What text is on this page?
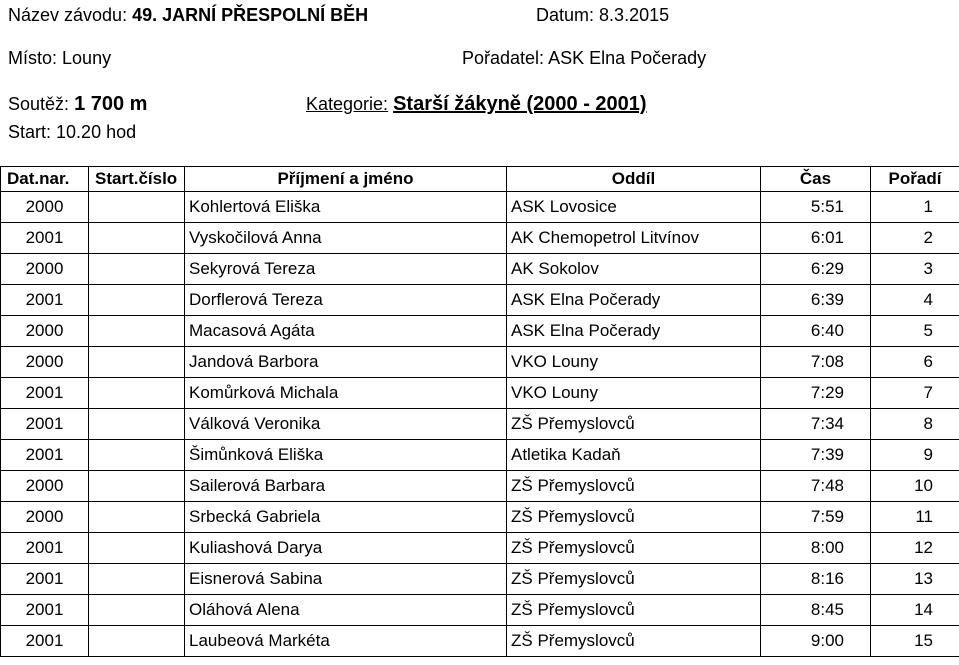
Název závodu: 49. JARNÍ PŘESPOLNÍ BĚH	Datum: 8.3.2015
Místo: Louny	Pořadatel: ASK Elna Počerady
Soutěž: 1 700 m	Kategorie: Starší žákyně (2000 - 2001)
Start: 10.20 hod
Dat.nar.	Start.číslo	Příjmení a jméno	Oddíl	Čas	Pořadí
2000		Kohlertová Eliška	ASK Lovosice	5:51	1
2001		Vyskočilová Anna	AK Chemopetrol Litvínov	6:01	2
2000		Sekyrová Tereza	AK Sokolov	6:29	3
2001		Dorflerová Tereza	ASK Elna Počerady	6:39	4
2000		Macasová Agáta	ASK Elna Počerady	6:40	5
2000		Jandová Barbora	VKO Louny	7:08	6
2001		Komůrková Michala	VKO Louny	7:29	7
2001		Válková Veronika	ZŠ Přemyslovců	7:34	8
2001		Šimůnková Eliška	Atletika Kadaň	7:39	9
2000		Sailerová Barbara	ZŠ Přemyslovců	7:48	10
2000		Srbecká Gabriela	ZŠ Přemyslovců	7:59	11
2001		Kuliashová Darya	ZŠ Přemyslovců	8:00	12
2001		Eisnerová Sabina	ZŠ Přemyslovců	8:16	13
2001		Oláhová Alena	ZŠ Přemyslovců	8:45	14
2001		Laubeová Markéta	ZŠ Přemyslovců	9:00	15
